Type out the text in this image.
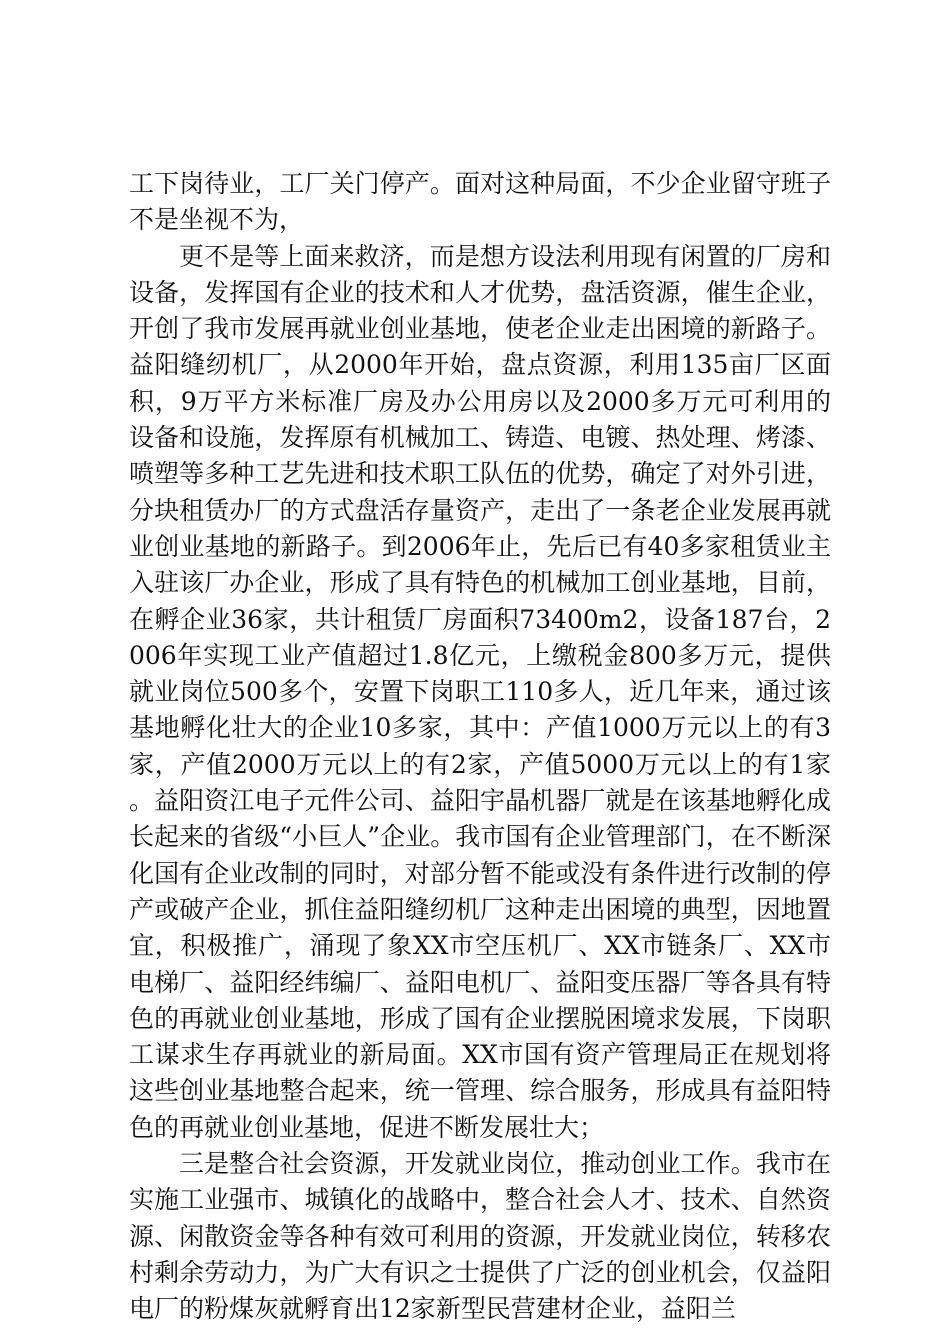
工下岗待业，工厂关门停产。面对这种局面，不少企业留守班子不是坐视不为，

更不是等上面来救济，而是想方设法利用现有闲置的厂房和设备，发挥国有企业的技术和人才优势，盘活资源，催生企业，开创了我市发展再就业创业基地，使老企业走出困境的新路子。益阳缝纫机厂，从2000年开始，盘点资源，利用135亩厂区面积，9万平方米标准厂房及办公用房以及2000多万元可利用的设备和设施，发挥原有机械加工、铸造、电镀、热处理、烤漆、喷塑等多种工艺先进和技术职工队伍的优势，确定了对外引进，分块租赁办厂的方式盘活存量资产，走出了一条老企业发展再就业创业基地的新路子。到2006年止，先后已有40多家租赁业主入驻该厂办企业，形成了具有特色的机械加工创业基地，目前，在孵企业36家，共计租赁厂房面积73400m2，设备187台，2006年实现工业产值超过1.8亿元，上缴税金800多万元，提供就业岗位500多个，安置下岗职工110多人，近几年来，通过该基地孵化壮大的企业10多家，其中：产值1000万元以上的有3家，产值2000万元以上的有2家，产值5000万元以上的有1家。益阳资江电子元件公司、益阳宇晶机器厂就是在该基地孵化成长起来的省级“小巨人”企业。我市国有企业管理部门，在不断深化国有企业改制的同时，对部分暂不能或没有条件进行改制的停产或破产企业，抓住益阳缝纫机厂这种走出困境的典型，因地置宜，积极推广，涌现了象XX市空压机厂、XX市链条厂、XX市电梯厂、益阳经纬编厂、益阳电机厂、益阳变压器厂等各具有特色的再就业创业基地，形成了国有企业摆脱困境求发展，下岗职工谋求生存再就业的新局面。XX市国有资产管理局正在规划将这些创业基地整合起来，统一管理、综合服务，形成具有益阳特色的再就业创业基地，促进不断发展壮大；

三是整合社会资源，开发就业岗位，推动创业工作。我市在实施工业强市、城镇化的战略中，整合社会人才、技术、自然资源、闲散资金等各种有效可利用的资源，开发就业岗位，转移农村剩余劳动力，为广大有识之士提供了广泛的创业机会，仅益阳电厂的粉煤灰就孵育出12家新型民营建材企业，益阳兰
